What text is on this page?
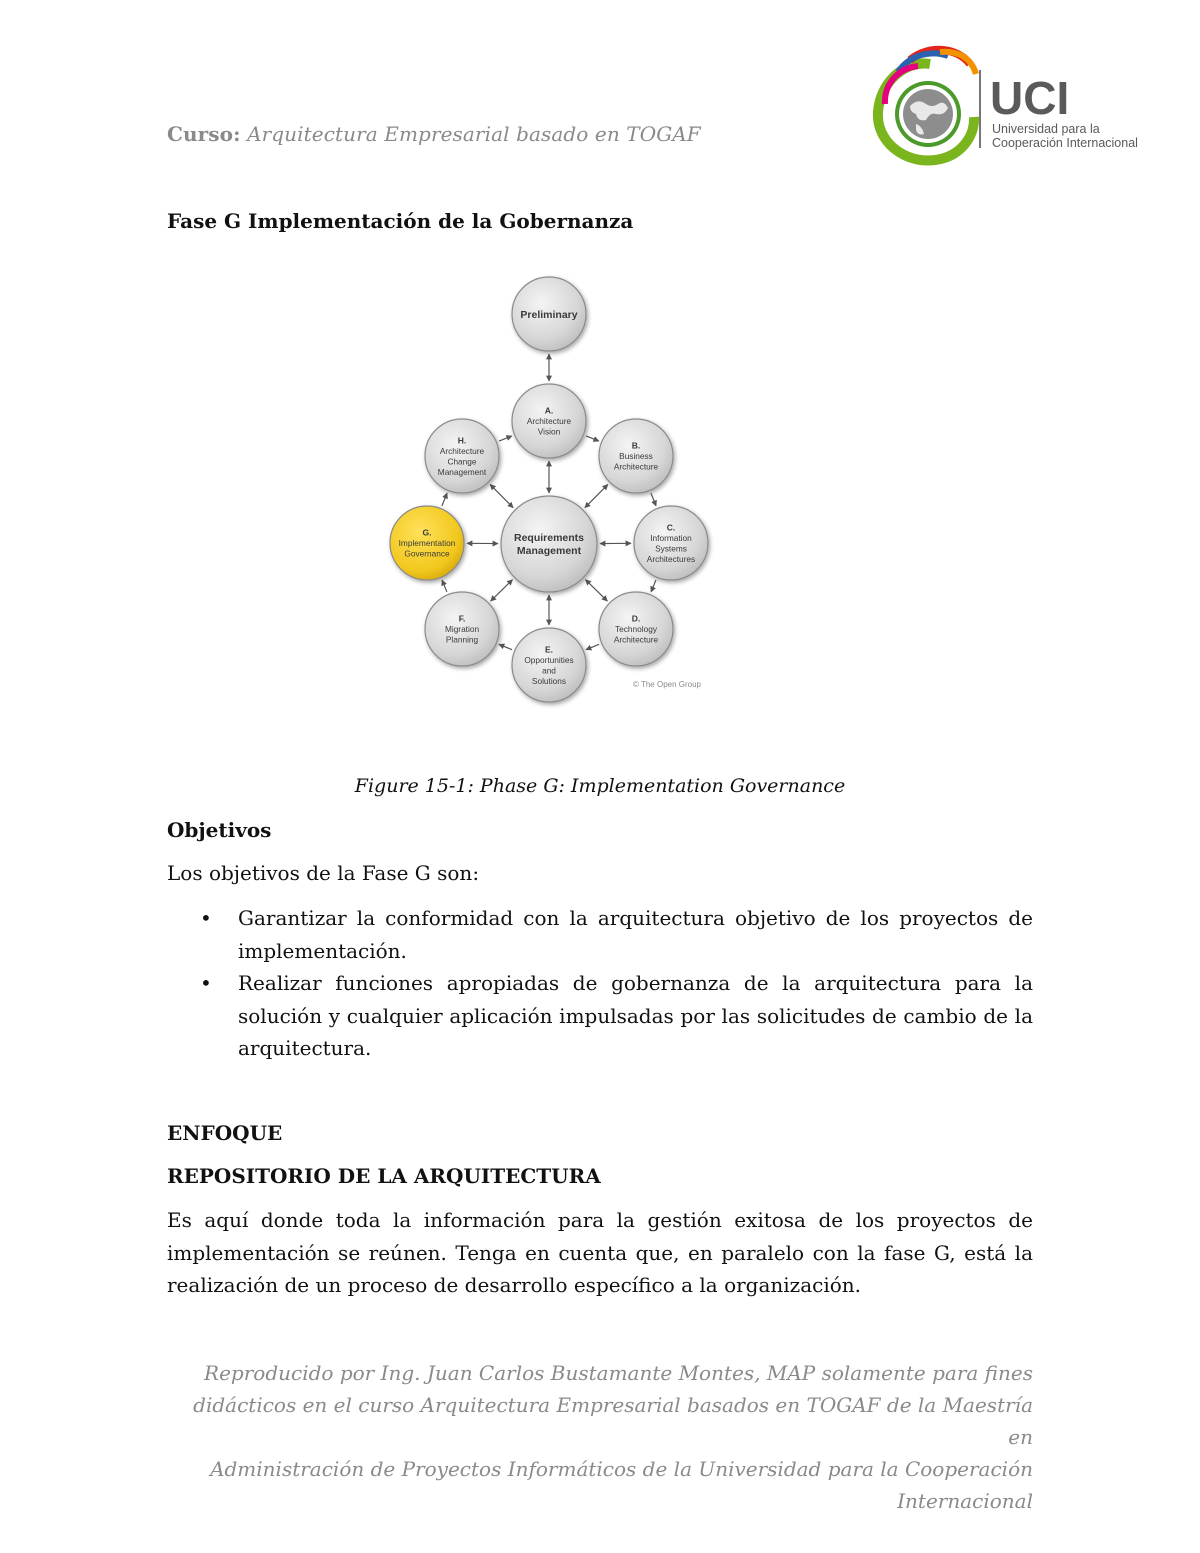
Curso: Arquitectura Empresarial basado en TOGAF
UCI
Universidad para la
Cooperación Internacional
Fase G Implementación de la Gobernanza
Preliminary
Requirements
Management
A.
Architecture
Vision
B.
Business
Architecture
C.
Information
Systems
Architectures
D.
Technology
Architecture
E.
Opportunities
and
Solutions
F.
Migration
Planning
G.
Implementation
Governance
H.
Architecture
Change
Management
© The Open Group
Figure 15-1: Phase G: Implementation Governance
Objetivos
Los objetivos de la Fase G son:
• Garantizar la conformidad con la arquitectura objetivo de los proyectos de implementación.
• Realizar funciones apropiadas de gobernanza de la arquitectura para la solución y cualquier aplicación impulsadas por las solicitudes de cambio de la arquitectura.
ENFOQUE
REPOSITORIO DE LA ARQUITECTURA
Es aquí donde toda la información para la gestión exitosa de los proyectos de implementación se reúnen. Tenga en cuenta que, en paralelo con la fase G, está la realización de un proceso de desarrollo específico a la organización.
Reproducido por Ing. Juan Carlos Bustamante Montes, MAP solamente para fines
didácticos en el curso Arquitectura Empresarial basados en TOGAF de la Maestría en
Administración de Proyectos Informáticos de la Universidad para la Cooperación
Internacional
